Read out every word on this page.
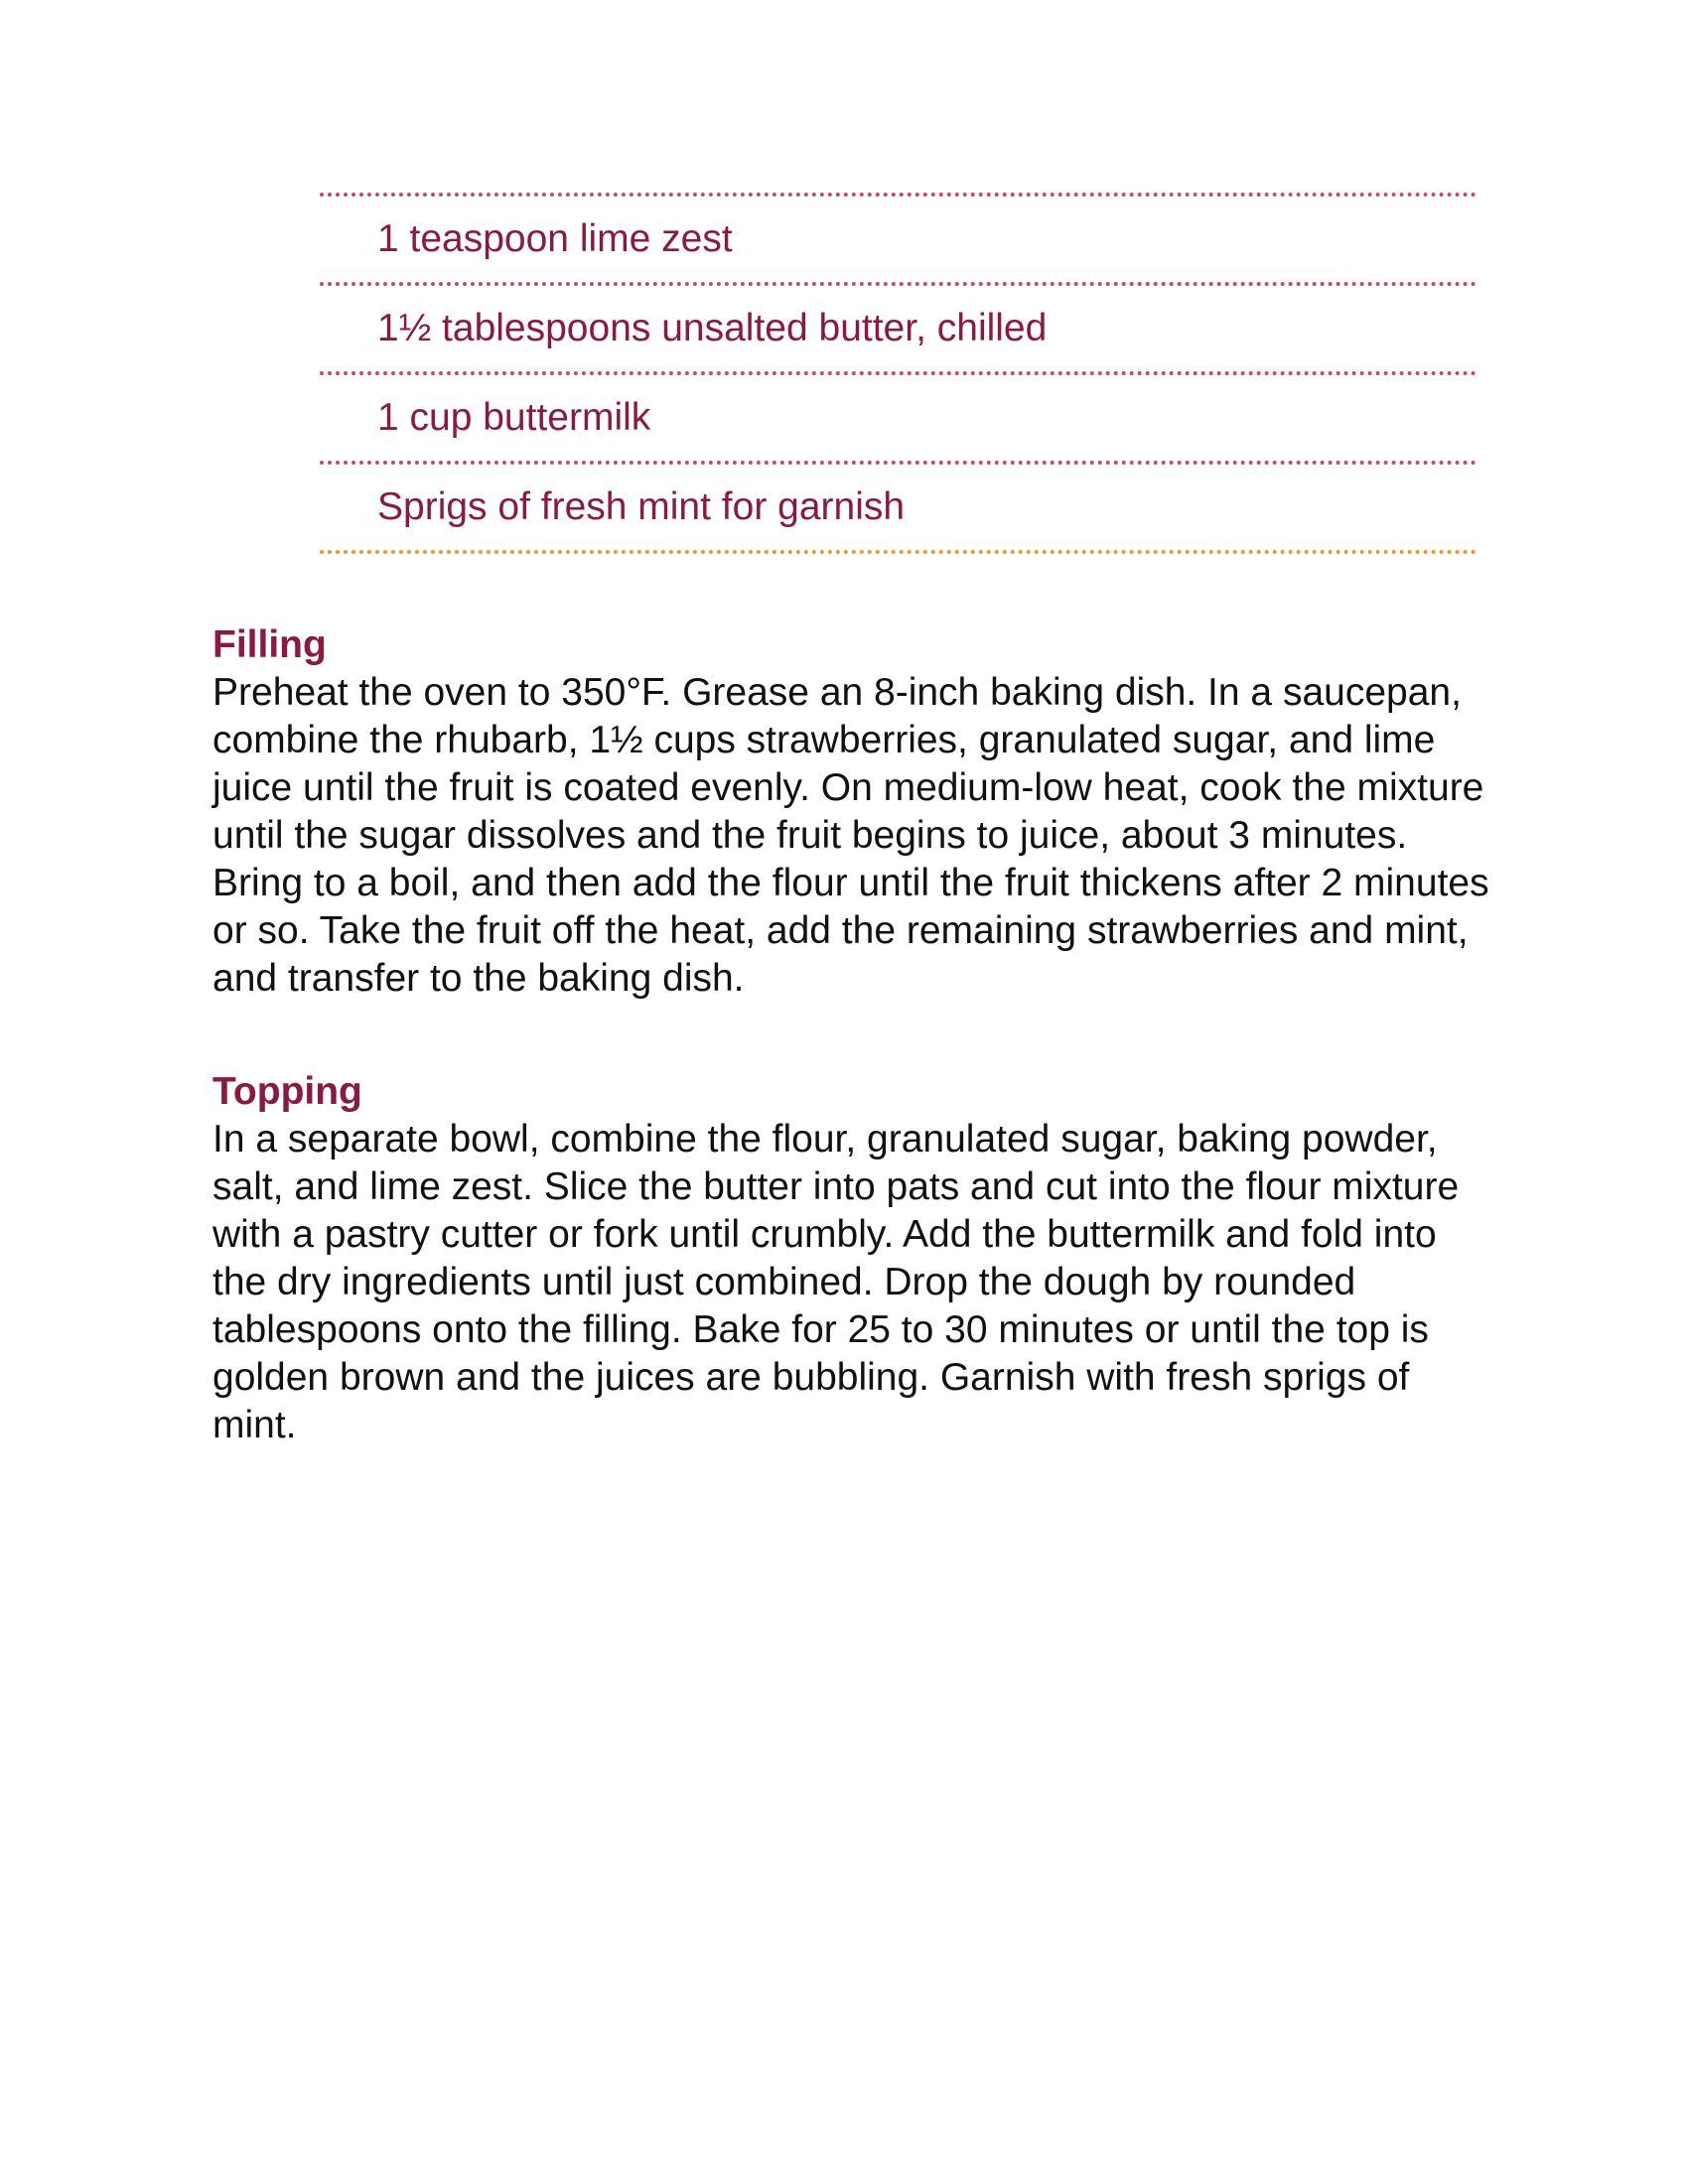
1 teaspoon lime zest
1½ tablespoons unsalted butter, chilled
1 cup buttermilk
Sprigs of fresh mint for garnish
Filling

Preheat the oven to 350°F. Grease an 8-inch baking dish. In a saucepan, combine the rhubarb, 1½ cups strawberries, granulated sugar, and lime juice until the fruit is coated evenly. On medium-low heat, cook the mixture until the sugar dissolves and the fruit begins to juice, about 3 minutes. Bring to a boil, and then add the flour until the fruit thickens after 2 minutes or so. Take the fruit off the heat, add the remaining strawberries and mint, and transfer to the baking dish.

Topping

In a separate bowl, combine the flour, granulated sugar, baking powder, salt, and lime zest. Slice the butter into pats and cut into the flour mixture with a pastry cutter or fork until crumbly. Add the buttermilk and fold into the dry ingredients until just combined. Drop the dough by rounded tablespoons onto the filling. Bake for 25 to 30 minutes or until the top is golden brown and the juices are bubbling. Garnish with fresh sprigs of mint.
